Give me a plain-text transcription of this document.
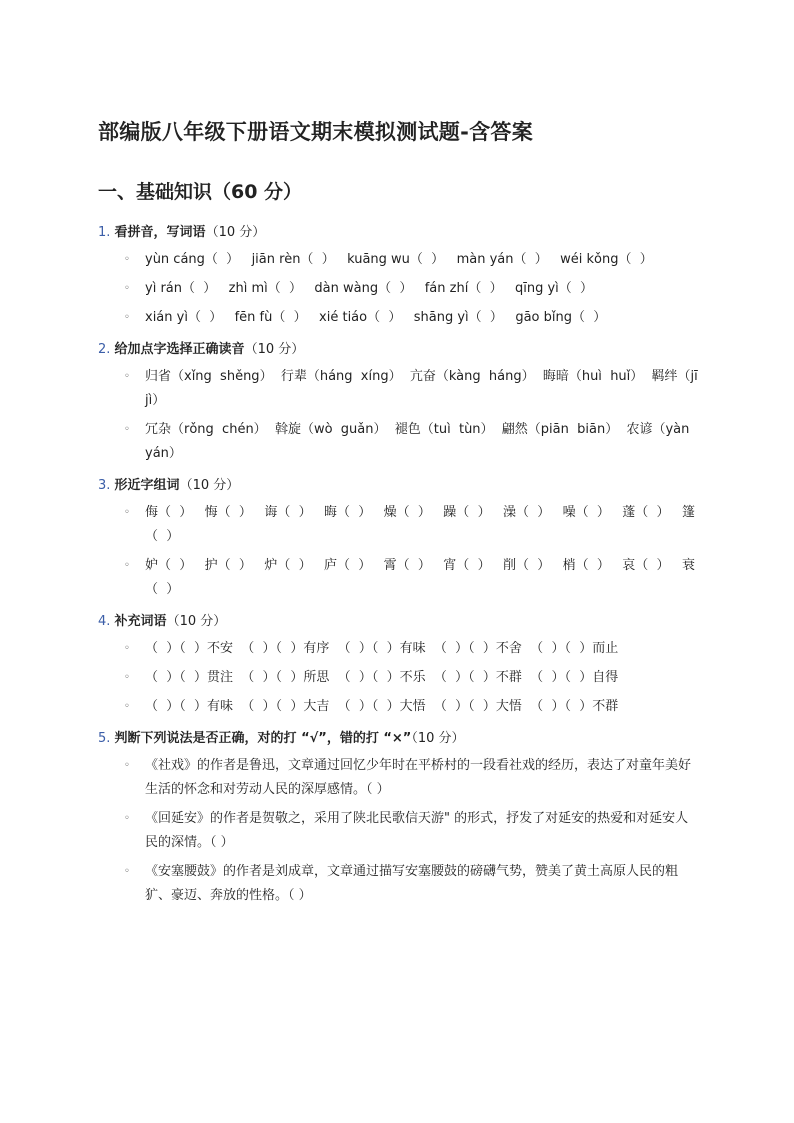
部编版八年级下册语文期末模拟测试题-含答案
一、基础知识（60 分）
1. 看拼音，写词语（10 分）
◦ yùn cáng（  ）   jiān rèn（  ）   kuāng wu（  ）   màn yán（  ）   wéi kǒng（  ）
◦ yì rán（  ）   zhì mì（  ）   dàn wàng（  ）   fán zhí（  ）   qīng yì（  ）
◦ xián yì（  ）   fēn fù（  ）   xié tiáo（  ）   shāng yì（  ）   gāo bǐng（  ）
2. 给加点字选择正确读音（10 分）
◦ 归省（xǐng  shěng）  行辈（háng  xíng）  亢奋（kàng  háng）  晦暗（huì  huǐ）  羁绊（jī  jì）
◦ 冗杂（rǒng  chén）  斡旋（wò  guǎn）  褪色（tuì  tùn）  翩然（piān  biān）  农谚（yàn  yán）
3. 形近字组词（10 分）
◦ 侮（  ）   悔（  ）   诲（  ）   晦（  ）   燥（  ）   躁（  ）   澡（  ）   噪（  ）   蓬（  ）   篷（  ）
◦ 妒（  ）   护（  ）   炉（  ）   庐（  ）   霄（  ）   宵（  ）   削（  ）   梢（  ）   哀（  ）   衰（  ）
4. 补充词语（10 分）
◦ （  ）（  ）不安  （  ）（  ）有序  （  ）（  ）有味  （  ）（  ）不舍  （  ）（  ）而止
◦ （  ）（  ）贯注  （  ）（  ）所思  （  ）（  ）不乐  （  ）（  ）不群  （  ）（  ）自得
◦ （  ）（  ）有味  （  ）（  ）大吉  （  ）（  ）大悟  （  ）（  ）大悟  （  ）（  ）不群
5. 判断下列说法是否正确，对的打 “√”，错的打 “×”（10 分）
◦ 《社戏》的作者是鲁迅，文章通过回忆少年时在平桥村的一段看社戏的经历，表达了对童年美好生活的怀念和对劳动人民的深厚感情。（ ）
◦ 《回延安》的作者是贺敬之，采用了陕北民歌信天游" 的形式，抒发了对延安的热爱和对延安人民的深情。（ ）
◦ 《安塞腰鼓》的作者是刘成章，文章通过描写安塞腰鼓的磅礴气势，赞美了黄土高原人民的粗犷、豪迈、奔放的性格。（ ）
